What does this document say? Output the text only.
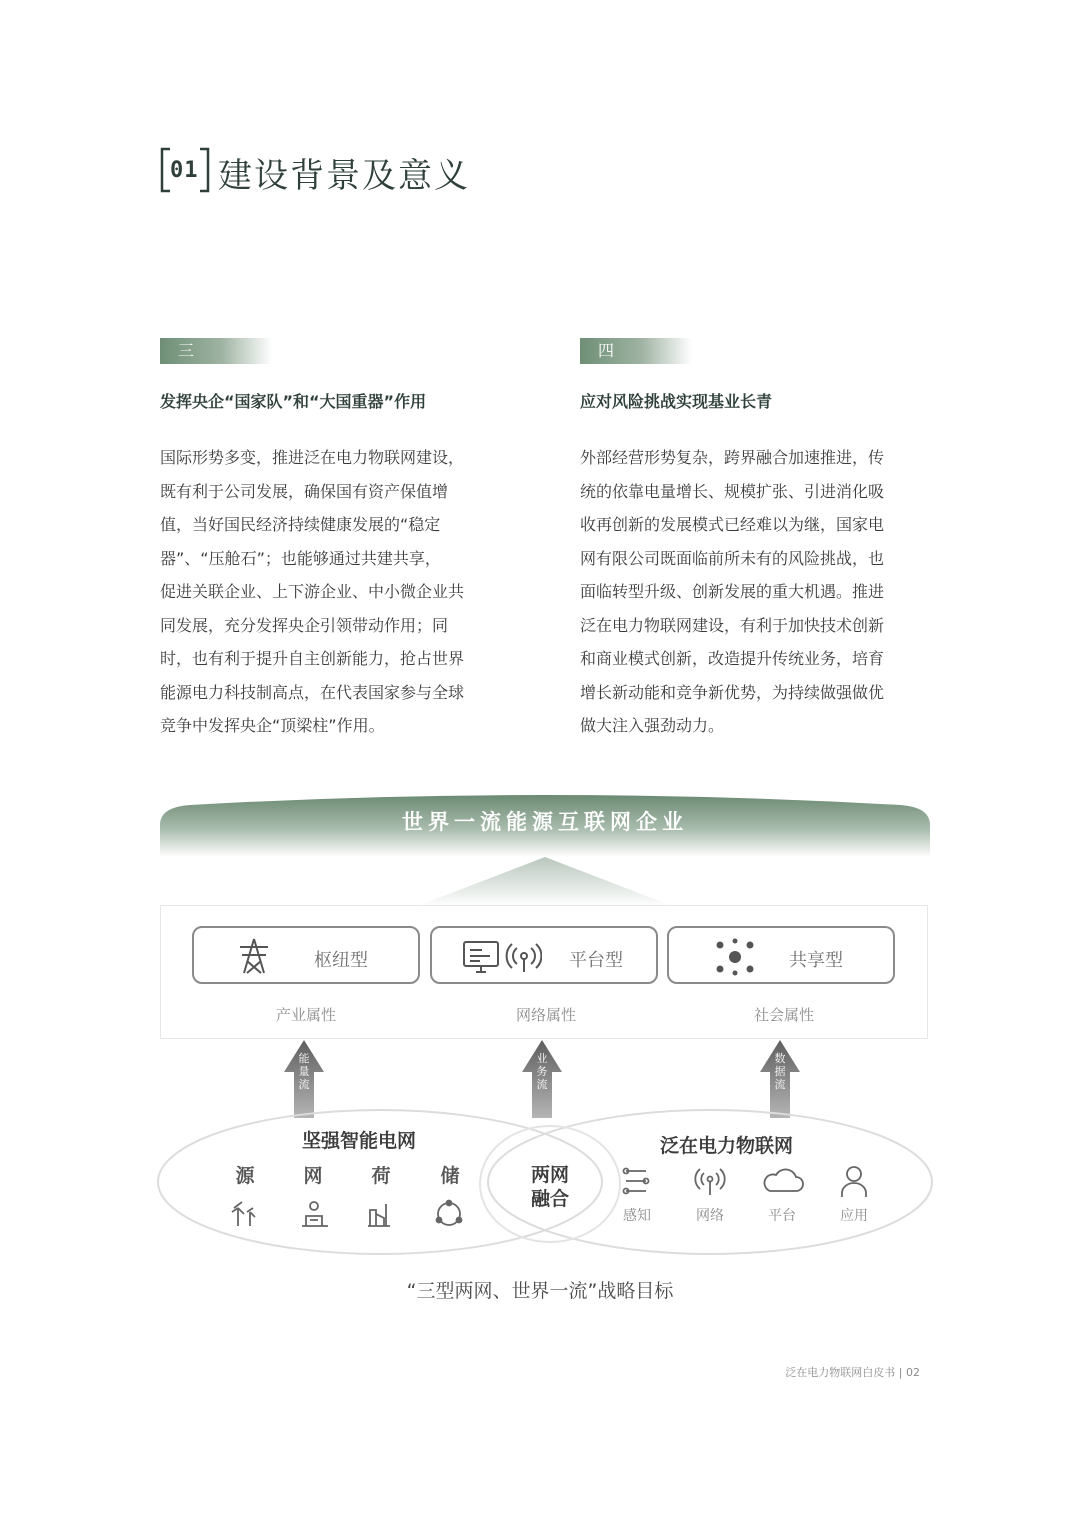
01 建设背景及意义
三
发挥央企“国家队”和“大国重器”作用
国际形势多变，推进泛在电力物联网建设，
既有利于公司发展，确保国有资产保值增
值，当好国民经济持续健康发展的“稳定
器”、“压舱石”；也能够通过共建共享，
促进关联企业、上下游企业、中小微企业共
同发展，充分发挥央企引领带动作用；同
时，也有利于提升自主创新能力，抢占世界
能源电力科技制高点，在代表国家参与全球
竞争中发挥央企“顶梁柱”作用。
四
应对风险挑战实现基业长青
外部经营形势复杂，跨界融合加速推进，传
统的依靠电量增长、规模扩张、引进消化吸
收再创新的发展模式已经难以为继，国家电
网有限公司既面临前所未有的风险挑战，也
面临转型升级、创新发展的重大机遇。推进
泛在电力物联网建设，有利于加快技术创新
和商业模式创新，改造提升传统业务，培育
增长新动能和竞争新优势，为持续做强做优
做大注入强劲动力。
世界一流能源互联网企业
枢纽型	平台型	共享型
产业属性	网络属性	社会属性
能量流
业务流
数据流
坚强智能电网	泛在电力物联网
源	网	荷	储	两网
融合
感知	网络	平台	应用
“三型两网、世界一流”战略目标
泛在电力物联网白皮书 | 02
